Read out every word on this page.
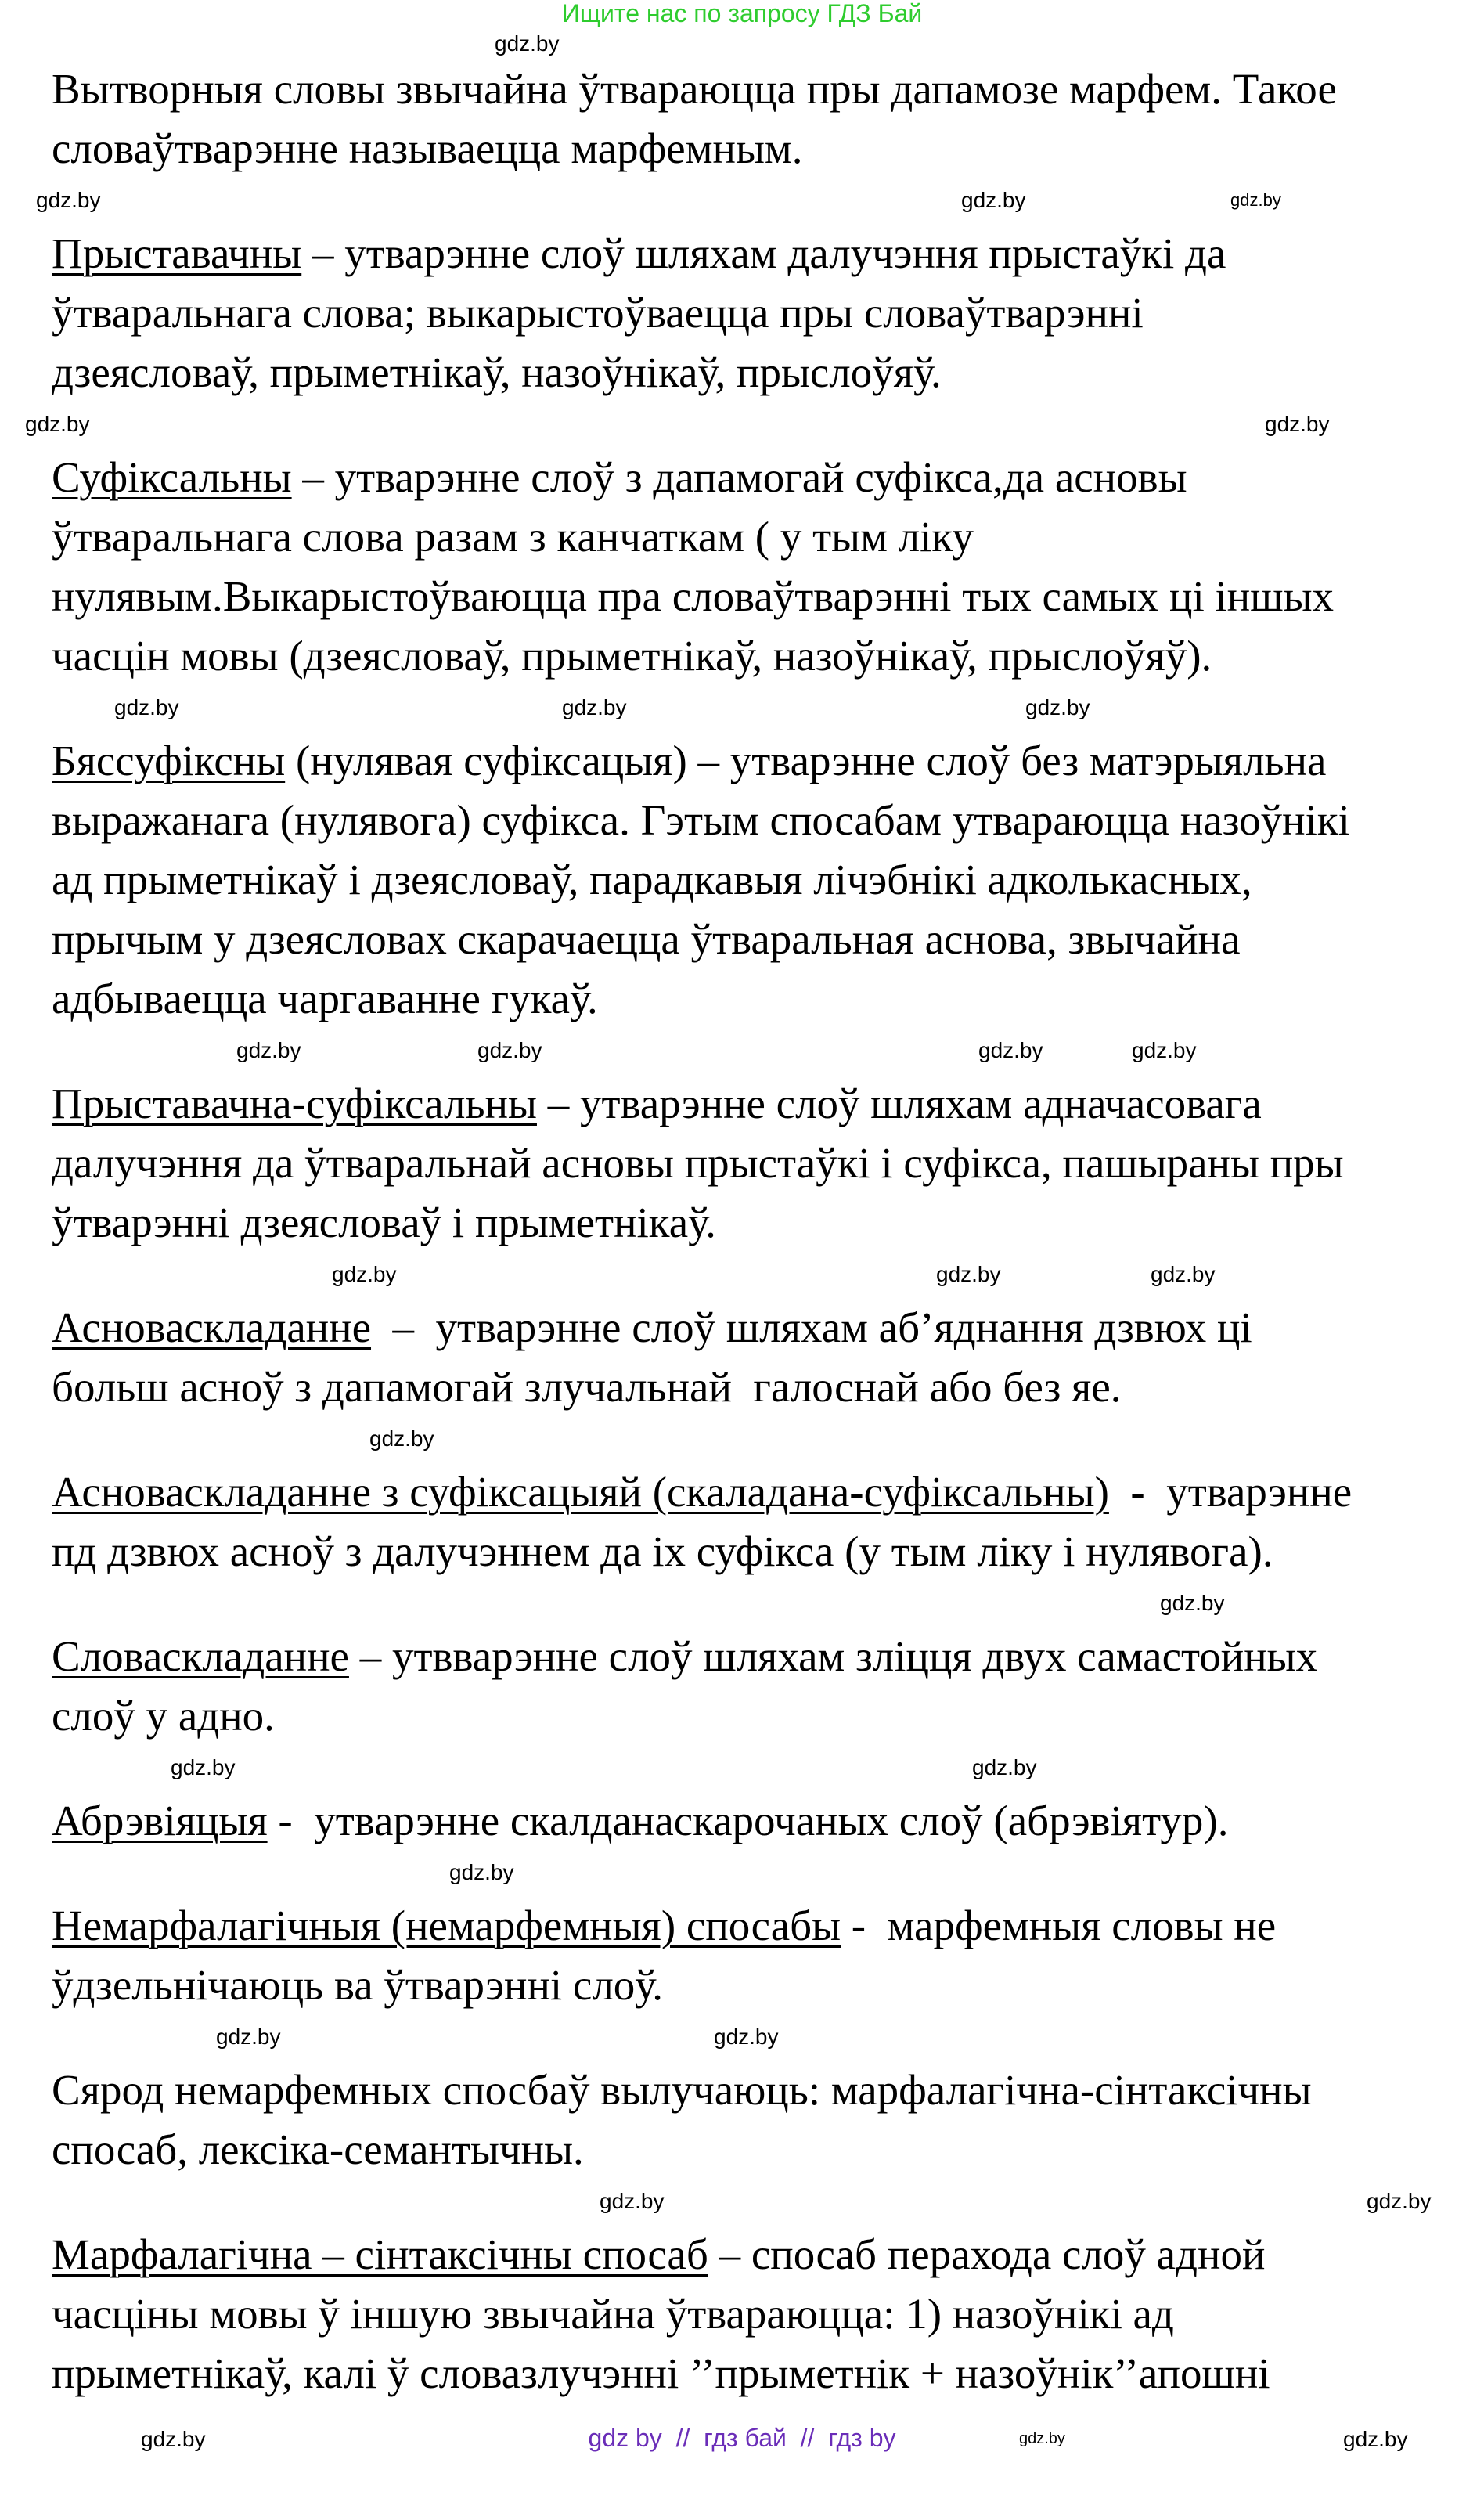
Ищите нас по запросу ГДЗ Бай
Вытворныя словы звычайна ўтвараюцца пры дапамозе марфем. Такое
словаўтварэнне называецца марфемным.
Прыставачны – утварэнне слоў шляхам далучэння прыстаўкі да
ўтваральнага слова; выкарыстоўваецца пры словаўтварэнні
дзеясловаў, прыметнікаў, назоўнікаў, прыслоўяў.
Суфіксальны – утварэнне слоў з дапамогай суфікса,да асновы
ўтваральнага слова разам з канчаткам ( у тым ліку
нулявым.Выкарыстоўваюцца пра словаўтварэнні тых самых ці іншых
часцін мовы (дзеясловаў, прыметнікаў, назоўнікаў, прыслоўяў).
Бяссуфіксны (нулявая суфіксацыя) – утварэнне слоў без матэрыяльна
выражанага (нулявога) суфікса. Гэтым спосабам утвараюцца назоўнікі
ад прыметнікаў і дзеясловаў, парадкавыя лічэбнікі адколькасных,
прычым у дзеясловах скарачаецца ўтваральная аснова, звычайна
адбываецца чаргаванне гукаў.
Прыставачна-суфіксальны – утварэнне слоў шляхам адначасовага
далучэння да ўтваральнай асновы прыстаўкі і суфікса, пашыраны пры
ўтварэнні дзеясловаў і прыметнікаў.
Асноваскладанне  –  утварэнне слоў шляхам аб’яднання дзвюх ці
больш асноў з дапамогай злучальнай  галоснай або без яе.
Асноваскладанне з суфіксацыяй (скаладана-суфіксальны)  -  утварэнне
пд дзвюх асноў з далучэннем да іх суфікса (у тым ліку і нулявога).
Словаскладанне – утвварэнне слоў шляхам зліцця двух самастойных
слоў у адно.
Абрэвіяцыя -  утварэнне скалданаскарочаных слоў (абрэвіятур).
Немарфалагічныя (немарфемныя) спосабы -  марфемныя словы не
ўдзельнічаюць ва ўтварэнні слоў.
Сярод немарфемных спосбаў вылучаюць: марфалагічна-сінтаксічны
спосаб, лексіка-семантычны.
Марфалагічна – сінтаксічны спосаб – спосаб перахода слоў адной
часціны мовы ў іншую звычайна ўтвараюцца: 1) назоўнікі ад
прыметнікаў, калі ў словазлучэнні ’’прыметнік + назоўнік’’апошні
gdz.by
gdz.by
gdz.by
gdz.by
gdz.by
gdz.by
gdz.by
gdz.by
gdz.by
gdz.by
gdz.by	gdz.by
gdz.by
gdz.by
gdz.by	gdz.by
gdz.by
gdz.by
gdz.by
gdz.by
gdz.by
gdz.by
gdz.by
gdz.by
gdz.by
gdz.by
gdz.by
gdz.by	gdz by  //  гдз бай  //  гдз by
